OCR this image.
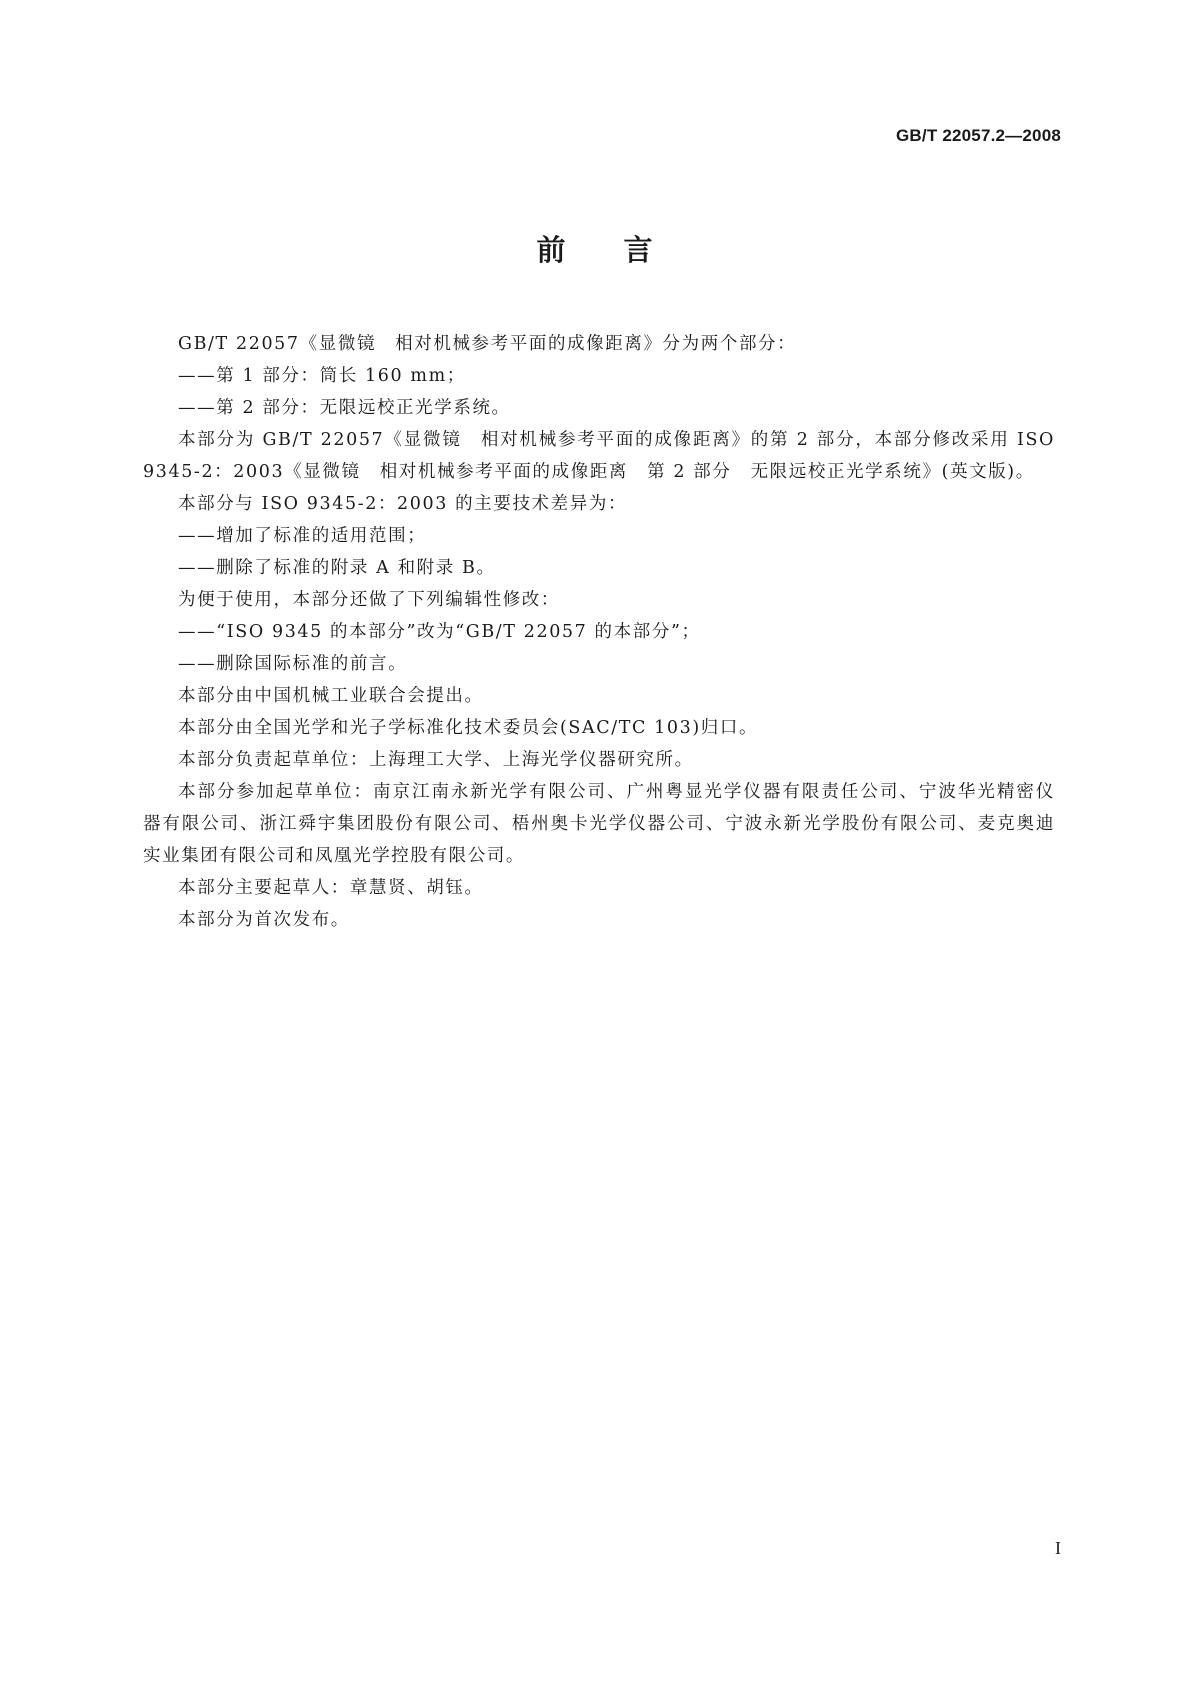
GB/T 22057.2—2008
前 言

GB/T 22057《显微镜　相对机械参考平面的成像距离》分为两个部分：

——第 1 部分：筒长 160 mm；

——第 2 部分：无限远校正光学系统。

本部分为 GB/T 22057《显微镜　相对机械参考平面的成像距离》的第 2 部分，本部分修改采用 ISO 9345-2：2003《显微镜　相对机械参考平面的成像距离　第 2 部分　无限远校正光学系统》(英文版)。

本部分与 ISO 9345-2：2003 的主要技术差异为：

——增加了标准的适用范围；

——删除了标准的附录 A 和附录 B。

为便于使用，本部分还做了下列编辑性修改：

——“ISO 9345 的本部分”改为“GB/T 22057 的本部分”；

——删除国际标准的前言。

本部分由中国机械工业联合会提出。

本部分由全国光学和光子学标准化技术委员会(SAC/TC 103)归口。

本部分负责起草单位：上海理工大学、上海光学仪器研究所。

本部分参加起草单位：南京江南永新光学有限公司、广州粤显光学仪器有限责任公司、宁波华光精密仪器有限公司、浙江舜宇集团股份有限公司、梧州奥卡光学仪器公司、宁波永新光学股份有限公司、麦克奥迪实业集团有限公司和凤凰光学控股有限公司。

本部分主要起草人：章慧贤、胡钰。

本部分为首次发布。

I
